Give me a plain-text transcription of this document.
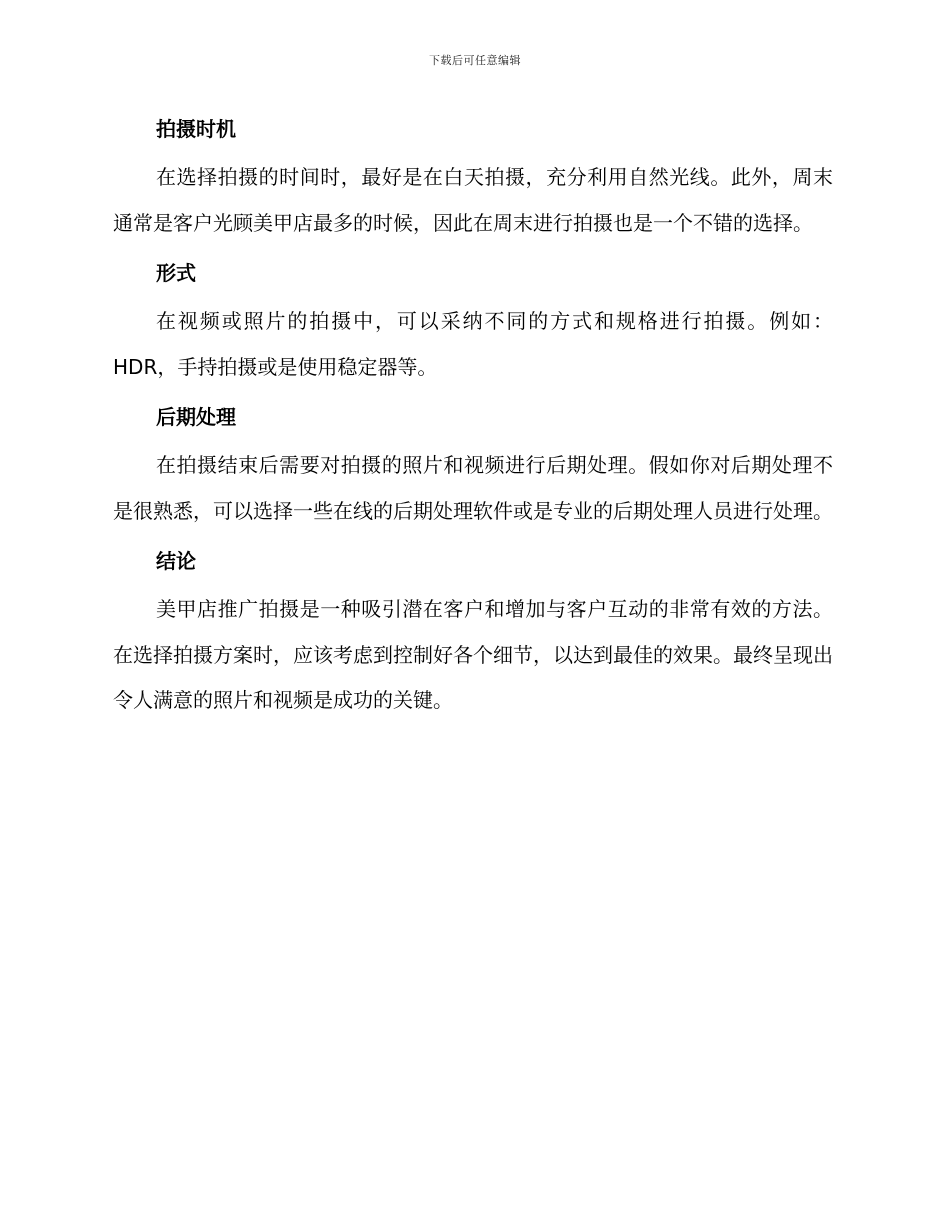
下载后可任意编辑
拍摄时机

在选择拍摄的时间时，最好是在白天拍摄，充分利用自然光线。此外，周末通常是客户光顾美甲店最多的时候，因此在周末进行拍摄也是一个不错的选择。

形式

在视频或照片的拍摄中，可以采纳不同的方式和规格进行拍摄。例如：HDR，手持拍摄或是使用稳定器等。

后期处理

在拍摄结束后需要对拍摄的照片和视频进行后期处理。假如你对后期处理不是很熟悉，可以选择一些在线的后期处理软件或是专业的后期处理人员进行处理。

结论

美甲店推广拍摄是一种吸引潜在客户和增加与客户互动的非常有效的方法。在选择拍摄方案时，应该考虑到控制好各个细节，以达到最佳的效果。最终呈现出令人满意的照片和视频是成功的关键。
